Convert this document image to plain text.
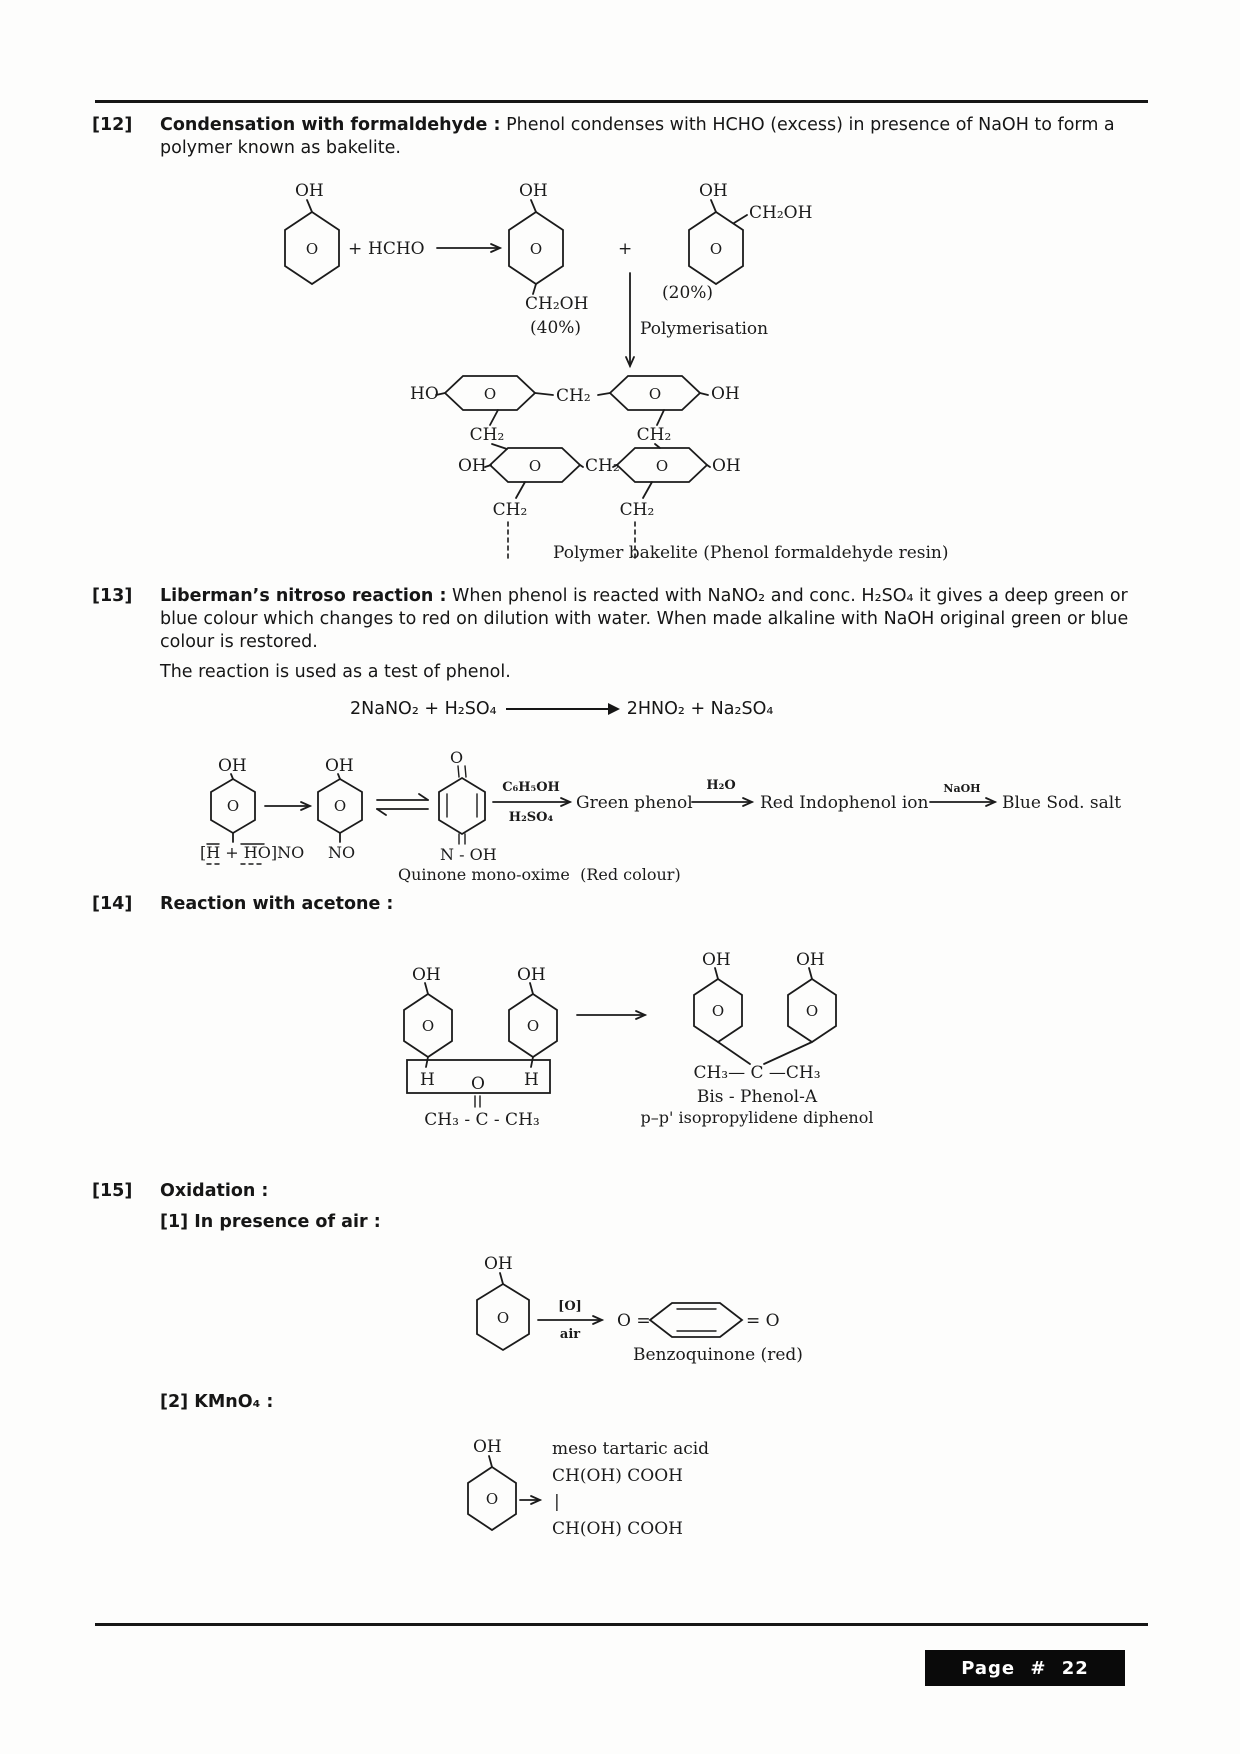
[12]	Condensation with formaldehyde : Phenol condenses with HCHO (excess) in presence of NaOH to form a polymer known as bakelite.
O
OH
+ HCHO	O
OH
CH₂OH
(40%)
+	O
OH
CH₂OH
(20%)
Polymerisation
O
HO	CH₂	O	OH
CH₂	CH₂
OH	O	CH₂ O	OH
CH₂	CH₂
Polymer bakelite (Phenol formaldehyde resin)
[13]	Liberman’s nitroso reaction : When phenol is reacted with NaNO₂ and conc. H₂SO₄ it gives a deep green or blue colour which changes to red on dilution with water. When made alkaline with NaOH original green or blue colour is restored.
The reaction is used as a test of phenol.
2NaNO₂ + H₂SO₄	2HNO₂ + Na₂SO₄
O
OH
[H + HO]NO
O
OH
NO
O
N - OH
Quinone mono-oxime  (Red colour)
C₆H₅OH
H₂SO₄
Green phenol
H₂O
Red Indophenol ion
NaOH
Blue Sod. salt
[14]	Reaction with acetone :
O
OH
O
OH
H	H
O
CH₃ - C - CH₃
O
OH
O
OH
CH₃— C —CH₃
Bis - Phenol-A
p–p' isopropylidene diphenol
[15]	Oxidation :
[1] In presence of air :
O
OH
[O]
air
O =	= O
Benzoquinone (red)
[2] KMnO₄ :
O
OH	meso tartaric acid
CH(OH) COOH
|
CH(OH) COOH
Page # 22
